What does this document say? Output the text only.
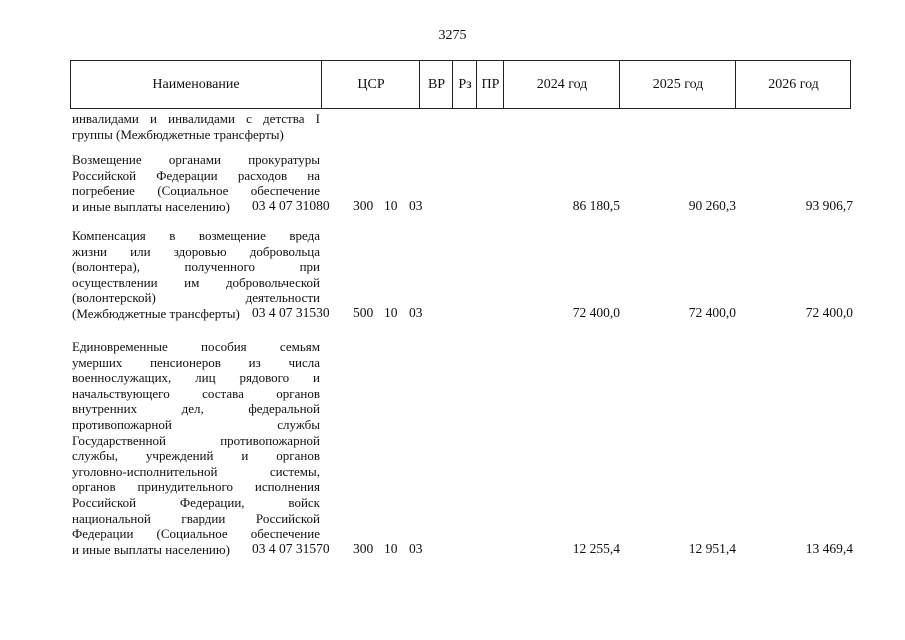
3275
Наименование	ЦСР	ВР Рз ПР	2024 год	2025 год	2026 год
инвалидами и инвалидами с детства I
группы (Межбюджетные трансферты)
Возмещение органами прокуратуры
Российской Федерации расходов на
погребение (Социальное обеспечение
и иные выплаты населению)	03 4 07 31080	300 10 03	86 180,5	90 260,3	93 906,7
Компенсация в возмещение вреда
жизни или здоровью добровольца
(волонтера), полученного при
осуществлении им добровольческой
(волонтерской) деятельности
(Межбюджетные трансферты) 03 4 07 31530	500 10 03	72 400,0	72 400,0	72 400,0
Единовременные пособия семьям
умерших пенсионеров из числа
военнослужащих, лиц рядового и
начальствующего состава органов
внутренних дел, федеральной
противопожарной службы
Государственной противопожарной
службы, учреждений и органов
уголовно-исполнительной системы,
органов принудительного исполнения
Российской Федерации, войск
национальной гвардии Российской
Федерации (Социальное обеспечение
и иные выплаты населению)	03 4 07 31570	300 10 03	12 255,4	12 951,4	13 469,4
